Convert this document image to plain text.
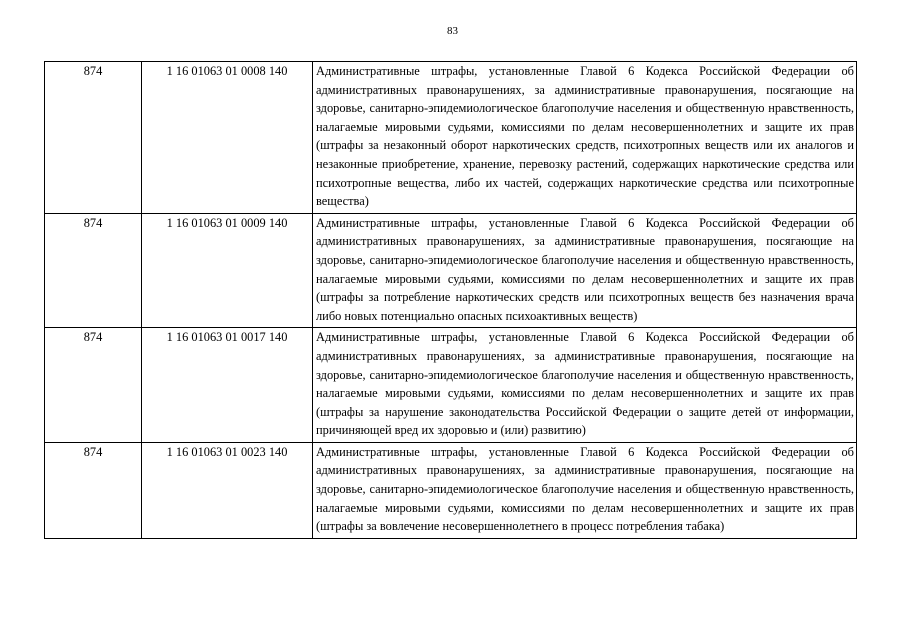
83
874	1 16 01063 01 0008 140	Административные штрафы, установленные Главой 6 Кодекса Российской Федерации об административных правонарушениях, за административные правонарушения, посягающие на здоровье, санитарно-эпидемиологическое благополучие населения и общественную нравственность, налагаемые мировыми судьями, комиссиями по делам несовершеннолетних и защите их прав (штрафы за незаконный оборот наркотических средств, психотропных веществ или их аналогов и незаконные приобретение, хранение, перевозку растений, содержащих наркотические средства или психотропные вещества, либо их частей, содержащих наркотические средства или психотропные вещества)
874	1 16 01063 01 0009 140	Административные штрафы, установленные Главой 6 Кодекса Российской Федерации об административных правонарушениях, за административные правонарушения, посягающие на здоровье, санитарно-эпидемиологическое благополучие населения и общественную нравственность, налагаемые мировыми судьями, комиссиями по делам несовершеннолетних и защите их прав (штрафы за потребление наркотических средств или психотропных веществ без назначения врача либо новых потенциально опасных психоактивных веществ)
874	1 16 01063 01 0017 140	Административные штрафы, установленные Главой 6 Кодекса Российской Федерации об административных правонарушениях, за административные правонарушения, посягающие на здоровье, санитарно-эпидемиологическое благополучие населения и общественную нравственность, налагаемые мировыми судьями, комиссиями по делам несовершеннолетних и защите их прав (штрафы за нарушение законодательства Российской Федерации о защите детей от информации, причиняющей вред их здоровью и (или) развитию)
874	1 16 01063 01 0023 140	Административные штрафы, установленные Главой 6 Кодекса Российской Федерации об административных правонарушениях, за административные правонарушения, посягающие на здоровье, санитарно-эпидемиологическое благополучие населения и общественную нравственность, налагаемые мировыми судьями, комиссиями по делам несовершеннолетних и защите их прав (штрафы за вовлечение несовершеннолетнего в процесс потребления табака)
